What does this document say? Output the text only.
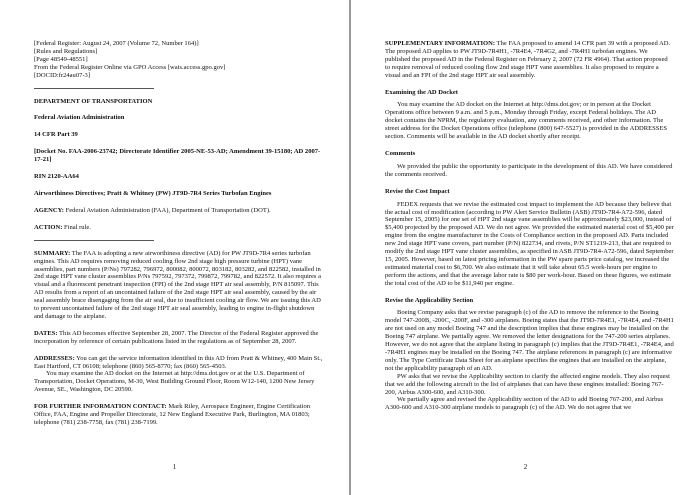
[Federal Register: August 24, 2007 (Volume 72, Number 164)]

[Rules and Regulations]

[Page 48549-48551]

From the Federal Register Online via GPO Access [wais.access.gpo.gov]

[DOCID:fr24au07-3]

DEPARTMENT OF TRANSPORTATION

Federal Aviation Administration

14 CFR Part 39

[Docket No. FAA-2006-23742; Directorate Identifier 2005-NE-53-AD; Amendment 39-15180; AD 2007-17-21]

RIN 2120-AA64

Airworthiness Directives; Pratt & Whitney (PW) JT9D-7R4 Series Turbofan Engines

AGENCY: Federal Aviation Administration (FAA), Department of Transportation (DOT).

ACTION: Final rule.

SUMMARY: The FAA is adopting a new airworthiness directive (AD) for PW JT9D-7R4 series turbofan engines. This AD requires removing reduced cooling flow 2nd stage high pressure turbine (HPT) vane assemblies, part numbers (P/Ns) 797282, 796972, 800082, 800072, 803182, 803282, and 822582, installed in 2nd stage HPT vane cluster assemblies P/Ns 797592, 797372, 799872, 799782, and 822572. It also requires a visual and a fluorescent penetrant inspection (FPI) of the 2nd stage HPT air seal assembly, P/N 815097. This AD results from a report of an uncontained failure of the 2nd stage HPT air seal assembly, caused by the air seal assembly brace disengaging from the air seal, due to insufficient cooling air flow. We are issuing this AD to prevent uncontained failure of the 2nd stage HPT air seal assembly, leading to engine in-flight shutdown and damage to the airplane.

DATES: This AD becomes effective September 28, 2007. The Director of the Federal Register approved the incorporation by reference of certain publications listed in the regulations as of September 28, 2007.

ADDRESSES: You can get the service information identified in this AD from Pratt & Whitney, 400 Main St., East Hartford, CT 06108; telephone (860) 565-8770; fax (860) 565-4503.

You may examine the AD docket on the Internet at http://dms.dot.gov or at the U.S. Department of Transportation, Docket Operations, M-30, West Building Ground Floor, Room W12-140, 1200 New Jersey Avenue, SE., Washington, DC 20590.

FOR FURTHER INFORMATION CONTACT: Mark Riley, Aerospace Engineer, Engine Certification Office, FAA, Engine and Propeller Directorate, 12 New England Executive Park, Burlington, MA 01803; telephone (781) 238-7758, fax (781) 238-7199.

1

SUPPLEMENTARY INFORMATION: The FAA proposed to amend 14 CFR part 39 with a proposed AD. The proposed AD applies to PW JT9D-7R4H1, -7R4E4, -7R4G2, and -7R4H1 turbofan engines. We published the proposed AD in the Federal Register on February 2, 2007 (72 FR 4964). That action proposed to require removal of reduced cooling flow 2nd stage HPT vane assemblies. It also proposed to require a visual and an FPI of the 2nd stage HPT air seal assembly.

Examining the AD Docket

You may examine the AD docket on the Internet at http://dms.dot.gov; or in person at the Docket Operations office between 9 a.m. and 5 p.m., Monday through Friday, except Federal holidays. The AD docket contains the NPRM, the regulatory evaluation, any comments received, and other information. The street address for the Docket Operations office (telephone (800) 647-5527) is provided in the ADDRESSES section. Comments will be available in the AD docket shortly after receipt.

Comments

We provided the public the opportunity to participate in the development of this AD. We have considered the comments received.

Revise the Cost Impact

FEDEX requests that we revise the estimated cost impact to implement the AD because they believe that the actual cost of modification (according to PW Alert Service Bulletin (ASB) JT9D-7R4-A72-596, dated September 15, 2005) for one set of HPT 2nd stage vane assemblies will be approximately $23,000, instead of $5,400 projected by the proposed AD. We do not agree. We provided the estimated material cost of $5,400 per engine from the engine manufacturer in the Costs of Compliance section in the proposed AD. Parts included new 2nd stage HPT vane covers, part number (P/N) 822734, and rivets, P/N ST1219-213, that are required to modify the 2nd stage HPT vane cluster assemblies, as specified in ASB JT9D-7R4-A72-596, dated September 15, 2005. However, based on latest pricing information in the PW spare parts price catalog, we increased the estimated material cost to $6,700. We also estimate that it will take about 65.5 work-hours per engine to perform the actions, and that the average labor rate is $80 per work-hour. Based on these figures, we estimate the total cost of the AD to be $11,940 per engine.

Revise the Applicability Section

Boeing Company asks that we revise paragraph (c) of the AD to remove the reference to the Boeing model 747-200B, -200C, -200F, and -300 airplanes. Boeing states that the JT9D-7R4E1, -7R4E4, and -7R4H1 are not used on any model Boeing 747 and the description implies that these engines may be installed on the Boeing 747 airplane. We partially agree. We removed the letter designations for the 747-200 series airplanes. However, we do not agree that the airplane listing in paragraph (c) implies that the JT9D-7R4E1, -7R4E4, and -7R4H1 engines may be installed on the Boeing 747. The airplane references in paragraph (c) are informative only. The Type Certificate Data Sheet for an airplane specifies the engines that are installed on the airplane, not the applicability paragraph of an AD.

PW asks that we revise the Applicability section to clarify the affected engine models. They also request that we add the following aircraft to the list of airplanes that can have these engines installed: Boeing 767-200, Airbus A300-600, and A310-300.

We partially agree and revised the Applicability section of the AD to add Boeing 767-200, and Airbus A300-600 and A310-300 airplane models to paragraph (c) of the AD. We do not agree that we

2
